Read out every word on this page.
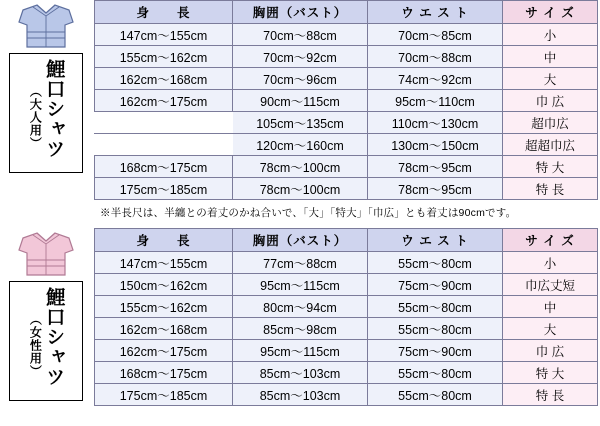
鯉口シャツ
（大人用）
身　　長	胸囲（バスト）	ウ エ ス ト	サ イ ズ
147cm〜155cm	70cm〜88cm	70cm〜85cm	小
155cm〜162cm	70cm〜92cm	70cm〜88cm	中
162cm〜168cm	70cm〜96cm	74cm〜92cm	大
162cm〜175cm	90cm〜115cm	95cm〜110cm	巾 広
	105cm〜135cm	110cm〜130cm	超巾広
	120cm〜160cm	130cm〜150cm	超超巾広
168cm〜175cm	78cm〜100cm	78cm〜95cm	特 大
175cm〜185cm	78cm〜100cm	78cm〜95cm	特 長
※半長尺は、半纏との着丈のかね合いで、「大」「特大」「巾広」とも着丈は90cmです。
鯉口シャツ
（女性用）
身　　長	胸囲（バスト）	ウ エ ス ト	サ イ ズ
147cm〜155cm	77cm〜88cm	55cm〜80cm	小
150cm〜162cm	95cm〜115cm	75cm〜90cm	巾広丈短
155cm〜162cm	80cm〜94cm	55cm〜80cm	中
162cm〜168cm	85cm〜98cm	55cm〜80cm	大
162cm〜175cm	95cm〜115cm	75cm〜90cm	巾 広
168cm〜175cm	85cm〜103cm	55cm〜80cm	特 大
175cm〜185cm	85cm〜103cm	55cm〜80cm	特 長
